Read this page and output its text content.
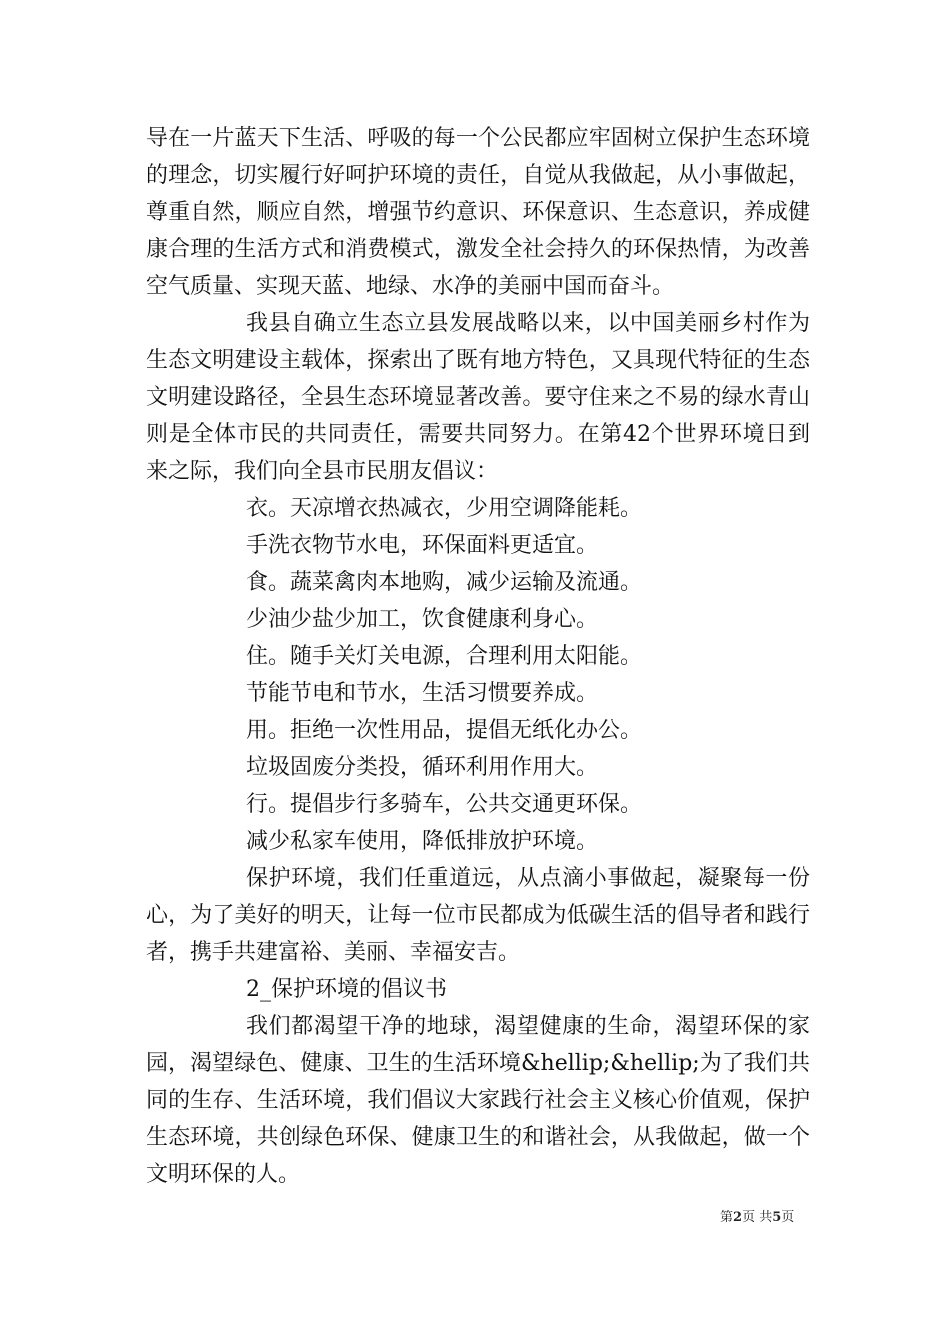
导在一片蓝天下生活、呼吸的每一个公民都应牢固树立保护生态环境的理念，切实履行好呵护环境的责任，自觉从我做起，从小事做起，尊重自然，顺应自然，增强节约意识、环保意识、生态意识，养成健康合理的生活方式和消费模式，激发全社会持久的环保热情，为改善空气质量、实现天蓝、地绿、水净的美丽中国而奋斗。

我县自确立生态立县发展战略以来，以中国美丽乡村作为生态文明建设主载体，探索出了既有地方特色，又具现代特征的生态文明建设路径，全县生态环境显著改善。要守住来之不易的绿水青山则是全体市民的共同责任，需要共同努力。在第42个世界环境日到来之际，我们向全县市民朋友倡议：

衣。天凉增衣热减衣，少用空调降能耗。

手洗衣物节水电，环保面料更适宜。

食。蔬菜禽肉本地购，减少运输及流通。

少油少盐少加工，饮食健康利身心。

住。随手关灯关电源，合理利用太阳能。

节能节电和节水，生活习惯要养成。

用。拒绝一次性用品，提倡无纸化办公。

垃圾固废分类投，循环利用作用大。

行。提倡步行多骑车，公共交通更环保。

减少私家车使用，降低排放护环境。

保护环境，我们任重道远，从点滴小事做起，凝聚每一份心，为了美好的明天，让每一位市民都成为低碳生活的倡导者和践行者，携手共建富裕、美丽、幸福安吉。

2_保护环境的倡议书

我们都渴望干净的地球，渴望健康的生命，渴望环保的家园，渴望绿色、健康、卫生的生活环境&hellip;&hellip;为了我们共同的生存、生活环境，我们倡议大家践行社会主义核心价值观，保护生态环境，共创绿色环保、健康卫生的和谐社会，从我做起，做一个文明环保的人。

第2页 共5页
